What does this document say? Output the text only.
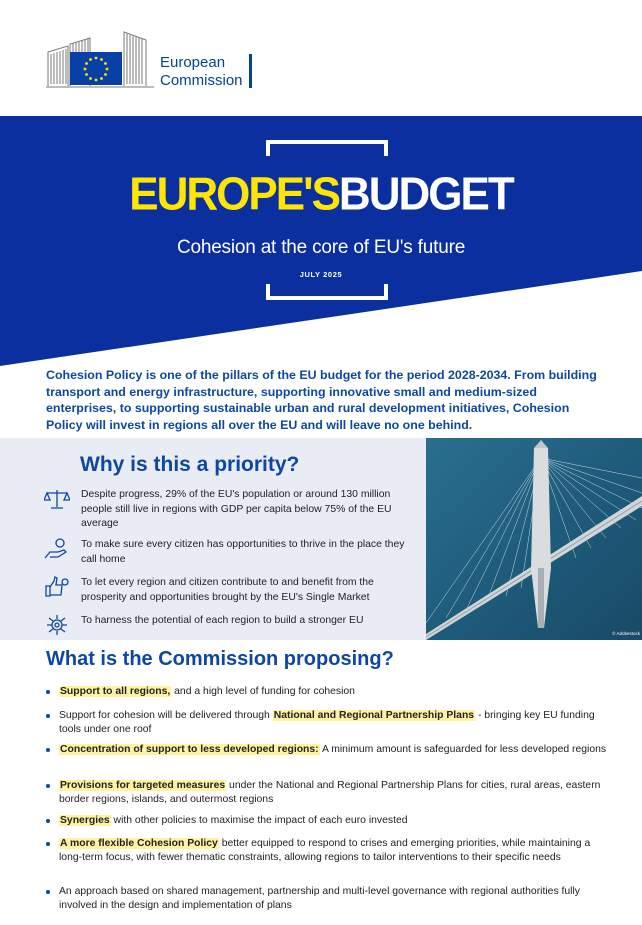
European
Commission
EUROPE'SBUDGET
Cohesion at the core of EU's future
JULY 2025
Cohesion Policy is one of the pillars of the EU budget for the period 2028-2034. From building transport and energy infrastructure, supporting innovative small and medium-sized enterprises, to supporting sustainable urban and rural development initiatives, Cohesion Policy will invest in regions all over the EU and will leave no one behind.
Why is this a priority?
Despite progress, 29% of the EU's population or around 130 million people still live in regions with GDP per capita below 75% of the EU average
To make sure every citizen has opportunities to thrive in the place they call home
To let every region and citizen contribute to and benefit from the prosperity and opportunities brought by the EU's Single Market
To harness the potential of each region to build a stronger EU
© Adobestock
What is the Commission proposing?
Support to all regions, and a high level of funding for cohesion
Support for cohesion will be delivered through National and Regional Partnership Plans - bringing key EU funding tools under one roof
Concentration of support to less developed regions: A minimum amount is safeguarded for less developed regions
Provisions for targeted measures under the National and Regional Partnership Plans for cities, rural areas, eastern border regions, islands, and outermost regions
Synergies with other policies to maximise the impact of each euro invested
A more flexible Cohesion Policy better equipped to respond to crises and emerging priorities, while maintaining a long-term focus, with fewer thematic constraints, allowing regions to tailor interventions to their specific needs
An approach based on shared management, partnership and multi-level governance with regional authorities fully involved in the design and implementation of plans
